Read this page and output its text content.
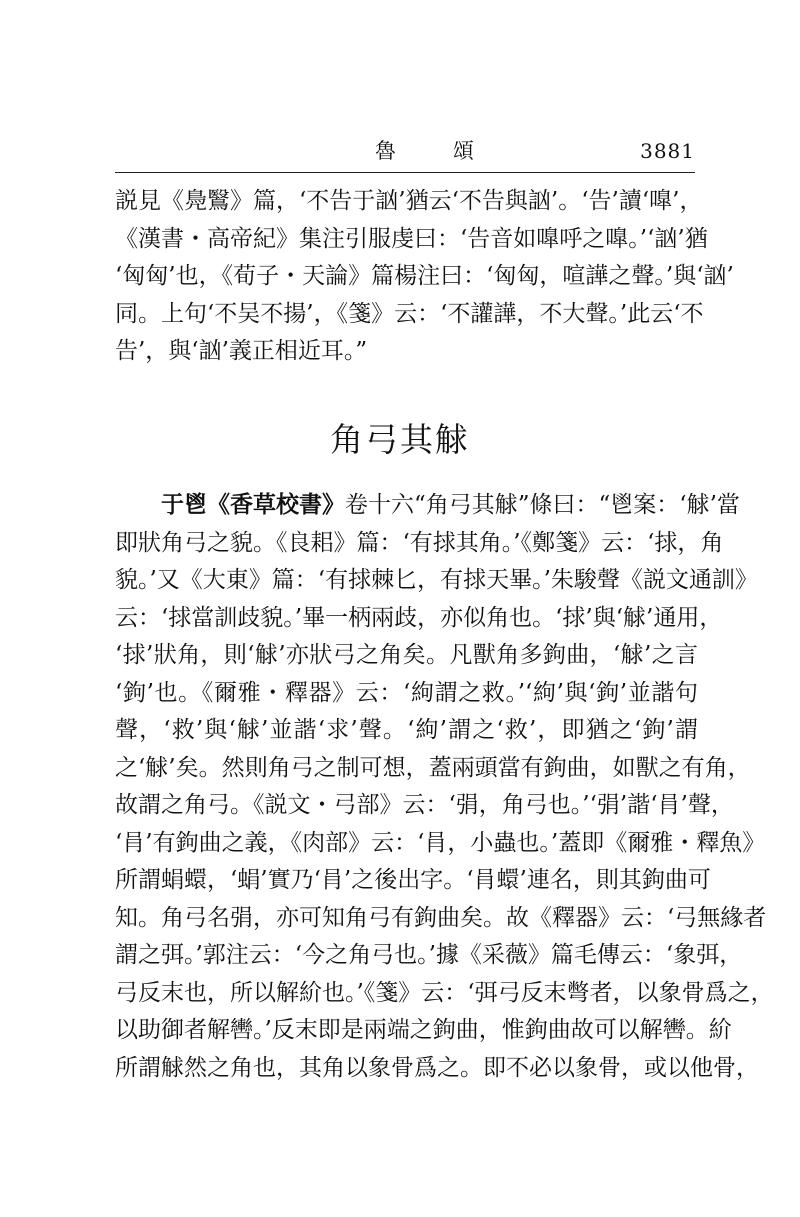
魯　頌	3881
説見《鳧鷖》篇，‘不告于訩’猶云‘不告與訩’。‘告’讀‘嘷’，
《漢書・高帝紀》集注引服虔曰：‘告音如嘷呼之嘷。’‘訩’猶
‘匈匈’也，《荀子・天論》篇楊注曰：‘匈匈，喧譁之聲。’與‘訩’
同。上句‘不吴不揚’，《箋》云：‘不讙譁，不大聲。’此云‘不
告’，與‘訩’義正相近耳。”
角弓其觩
于鬯《香草校書》卷十六“角弓其觩”條曰：“鬯案：‘觩’當
即狀角弓之貌。《良耜》篇：‘有捄其角。’《鄭箋》云：‘捄，角
貌。’又《大東》篇：‘有捄棘匕，有捄天畢。’朱駿聲《説文通訓》
云：‘捄當訓歧貌。’畢一柄兩歧，亦似角也。‘捄’與‘觩’通用，
‘捄’狀角，則‘觩’亦狀弓之角矣。凡獸角多鉤曲，‘觩’之言
‘鉤’也。《爾雅・釋器》云：‘絇謂之救。’‘絇’與‘鉤’並諧句
聲，‘救’與‘觩’並諧‘求’聲。‘絇’謂之‘救’，即猶之‘鉤’謂
之‘觩’矣。然則角弓之制可想，蓋兩頭當有鉤曲，如獸之有角，
故謂之角弓。《説文・弓部》云：‘弲，角弓也。’‘弲’諧‘肙’聲，
‘肙’有鉤曲之義，《肉部》云：‘肙，小蟲也。’蓋即《爾雅・釋魚》
所謂蜎蠉，‘蜎’實乃‘肙’之後出字。‘肙蠉’連名，則其鉤曲可
知。角弓名弲，亦可知角弓有鉤曲矣。故《釋器》云：‘弓無緣者
謂之弭。’郭注云：‘今之角弓也。’據《采薇》篇毛傳云：‘象弭，
弓反末也，所以解紒也。’《箋》云：‘弭弓反末彆者，以象骨爲之，
以助御者解轡。’反末即是兩端之鉤曲，惟鉤曲故可以解轡。紒
所謂觩然之角也，其角以象骨爲之。即不必以象骨，或以他骨，
